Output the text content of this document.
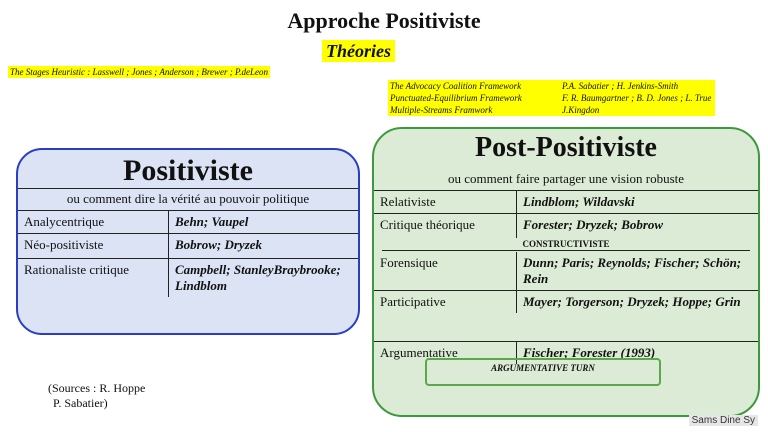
Approche Positiviste
Théories
The Stages Heuristic : Lasswell ; Jones ; Anderson ; Brewer ; P.deLeon
The Advocacy Coalition Framework	P.A. Sabatier ; H. Jenkins-Smith
Punctuated-Equilibrium Framework	F. R. Baumgartner ; B. D. Jones ; L. True
Multiple-Streams Framwork	J.Kingdon
Positiviste
ou comment dire la vérité au pouvoir politique
Analycentrique	Behn; Vaupel
Néo-positiviste	Bobrow; Dryzek
Rationaliste critique	Campbell; StanleyBraybrooke; Lindblom
Post-Positiviste
ou comment faire partager une vision robuste
Relativiste	Lindblom; Wildavski
Critique théorique	Forester; Dryzek; Bobrow
CONSTRUCTIVISTE
Forensique	Dunn; Paris; Reynolds; Fischer; Schön; Rein
Participative	Mayer; Torgerson; Dryzek; Hoppe; Grin
Argumentative	Fischer; Forester (1993)
ARGUMENTATIVE TURN
(Sources : R. Hoppe
P. Sabatier)
Sams Dine Sy
